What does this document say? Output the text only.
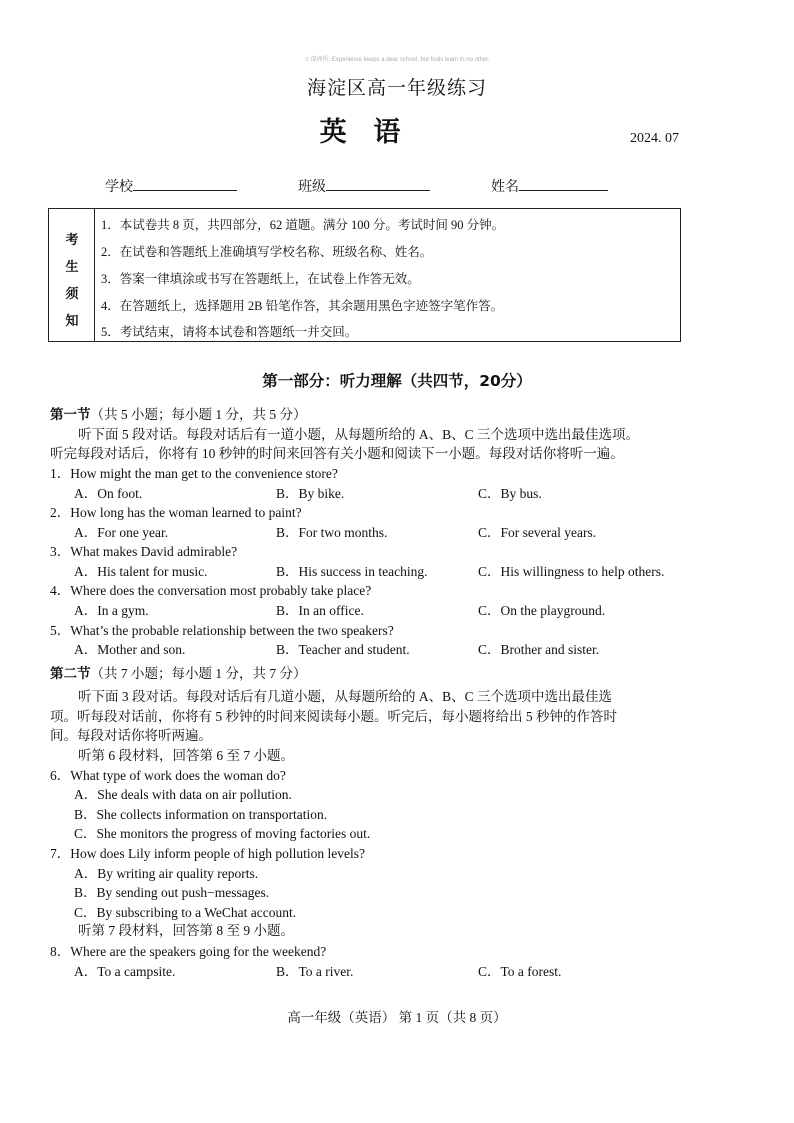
☺深圳所: Experience keeps a dear school, but fools learn in no other.
海淀区高一年级练习
英 语	2024. 07
学校	班级	姓名
考
生
须
知
1．本试卷共 8 页，共四部分，62 道题。满分 100 分。考试时间 90 分钟。
2．在试卷和答题纸上准确填写学校名称、班级名称、姓名。
3．答案一律填涂或书写在答题纸上，在试卷上作答无效。
4．在答题纸上，选择题用 2B 铅笔作答，其余题用黑色字迹签字笔作答。
5．考试结束，请将本试卷和答题纸一并交回。
第一部分：听力理解（共四节，20分）
第一节（共 5 小题；每小题 1 分，共 5 分）
听下面 5 段对话。每段对话后有一道小题，从每题所给的 A、B、C 三个选项中选出最佳选项。
听完每段对话后，你将有 10 秒钟的时间来回答有关小题和阅读下一小题。每段对话你将听一遍。
1．How might the man get to the convenience store?
A．On foot.	B．By bike.	C．By bus.
2．How long has the woman learned to paint?
A．For one year.	B．For two months.	C．For several years.
3．What makes David admirable?
A．His talent for music.	B．His success in teaching.	C．His willingness to help others.
4．Where does the conversation most probably take place?
A．In a gym.	B．In an office.	C．On the playground.
5．What’s the probable relationship between the two speakers?
A．Mother and son.	B．Teacher and student.	C．Brother and sister.
第二节（共 7 小题；每小题 1 分，共 7 分）
听下面 3 段对话。每段对话后有几道小题，从每题所给的 A、B、C 三个选项中选出最佳选
项。听每段对话前，你将有 5 秒钟的时间来阅读每小题。听完后，每小题将给出 5 秒钟的作答时
间。每段对话你将听两遍。
听第 6 段材料，回答第 6 至 7 小题。
6．What type of work does the woman do?
A．She deals with data on air pollution.
B．She collects information on transportation.
C．She monitors the progress of moving factories out.
7．How does Lily inform people of high pollution levels?
A．By writing air quality reports.
B．By sending out push−messages.
C．By subscribing to a WeChat account.
听第 7 段材料，回答第 8 至 9 小题。
8．Where are the speakers going for the weekend?
A．To a campsite.	B．To a river.	C．To a forest.
高一年级（英语） 第 1 页（共 8 页）
